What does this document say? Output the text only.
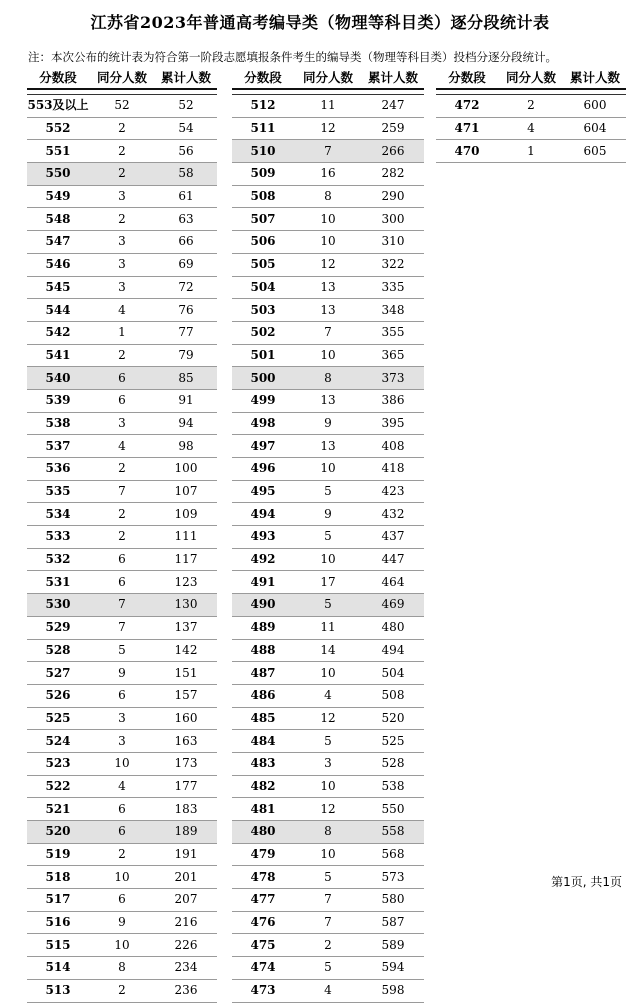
江苏省2023年普通高考编导类（物理等科目类）逐分段统计表
注：本次公布的统计表为符合第一阶段志愿填报条件考生的编导类（物理等科目类）投档分逐分段统计。
分数段	同分人数	累计人数
553及以上	52	52
552	2	54
551	2	56
550	2	58
549	3	61
548	2	63
547	3	66
546	3	69
545	3	72
544	4	76
542	1	77
541	2	79
540	6	85
539	6	91
538	3	94
537	4	98
536	2	100
535	7	107
534	2	109
533	2	111
532	6	117
531	6	123
530	7	130
529	7	137
528	5	142
527	9	151
526	6	157
525	3	160
524	3	163
523	10	173
522	4	177
521	6	183
520	6	189
519	2	191
518	10	201
517	6	207
516	9	216
515	10	226
514	8	234
513	2	236
分数段	同分人数	累计人数
512	11	247
511	12	259
510	7	266
509	16	282
508	8	290
507	10	300
506	10	310
505	12	322
504	13	335
503	13	348
502	7	355
501	10	365
500	8	373
499	13	386
498	9	395
497	13	408
496	10	418
495	5	423
494	9	432
493	5	437
492	10	447
491	17	464
490	5	469
489	11	480
488	14	494
487	10	504
486	4	508
485	12	520
484	5	525
483	3	528
482	10	538
481	12	550
480	8	558
479	10	568
478	5	573
477	7	580
476	7	587
475	2	589
474	5	594
473	4	598
分数段	同分人数	累计人数
472	2	600
471	4	604
470	1	605
第1页, 共1页
